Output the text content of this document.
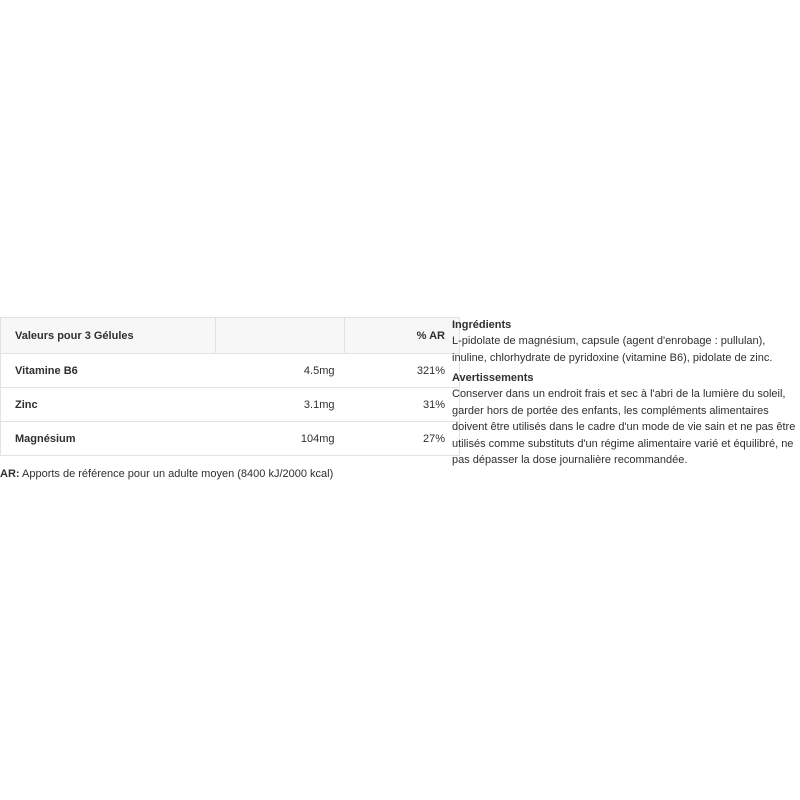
Valeurs pour 3 Gélules		% AR
Vitamine B6	4.5mg	321%
Zinc	3.1mg	31%
Magnésium	104mg	27%
AR: Apports de référence pour un adulte moyen (8400 kJ/2000 kcal)
Ingrédients

L-pidolate de magnésium, capsule (agent d'enrobage : pullulan), inuline, chlorhydrate de pyridoxine (vitamine B6), pidolate de zinc.

Avertissements

Conserver dans un endroit frais et sec à l'abri de la lumière du soleil, garder hors de portée des enfants, les compléments alimentaires doivent être utilisés dans le cadre d'un mode de vie sain et ne pas être utilisés comme substituts d'un régime alimentaire varié et équilibré, ne pas dépasser la dose journalière recommandée.
